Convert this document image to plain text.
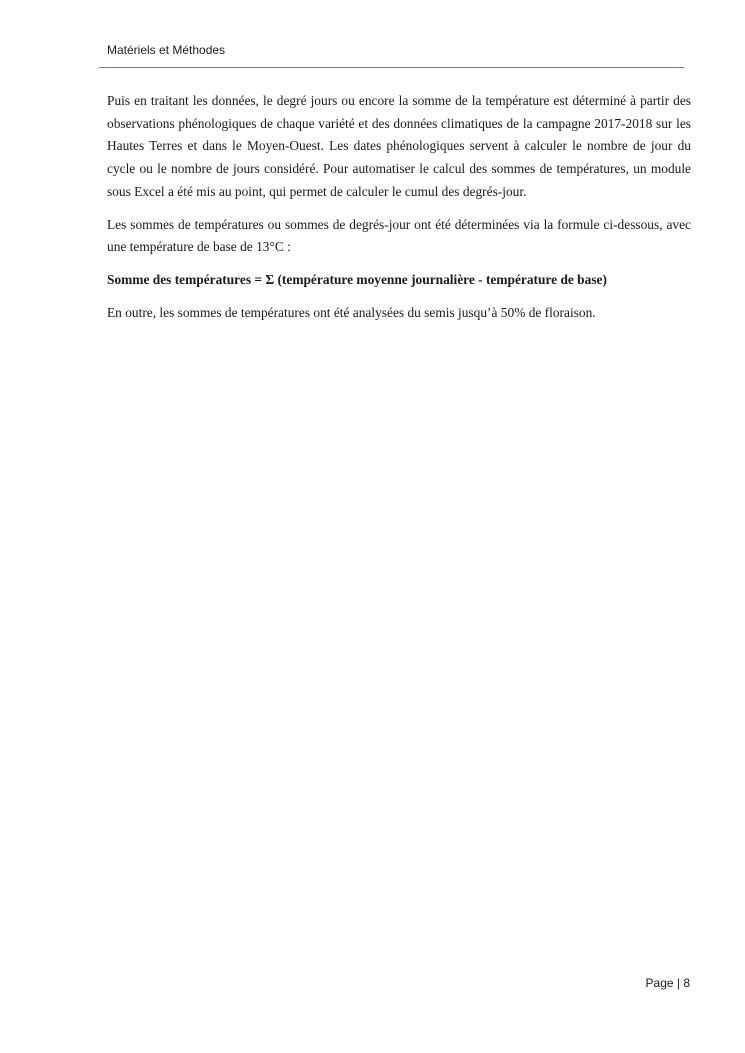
Matériels et Méthodes

Puis en traitant les données, le degré jours ou encore la somme de la température est déterminé à partir des observations phénologiques de chaque variété et des données climatiques de la campagne 2017-2018 sur les Hautes Terres et dans le Moyen-Ouest. Les dates phénologiques servent à calculer le nombre de jour du cycle ou le nombre de jours considéré. Pour automatiser le calcul des sommes de températures, un module sous Excel a été mis au point, qui permet de calculer le cumul des degrés-jour.

Les sommes de températures ou sommes de degrés-jour ont été déterminées via la formule ci-dessous, avec une température de base de 13°C :

Somme des températures = Σ (température moyenne journalière - température de base)

En outre, les sommes de températures ont été analysées du semis jusqu’à 50% de floraison.

Page | 8
